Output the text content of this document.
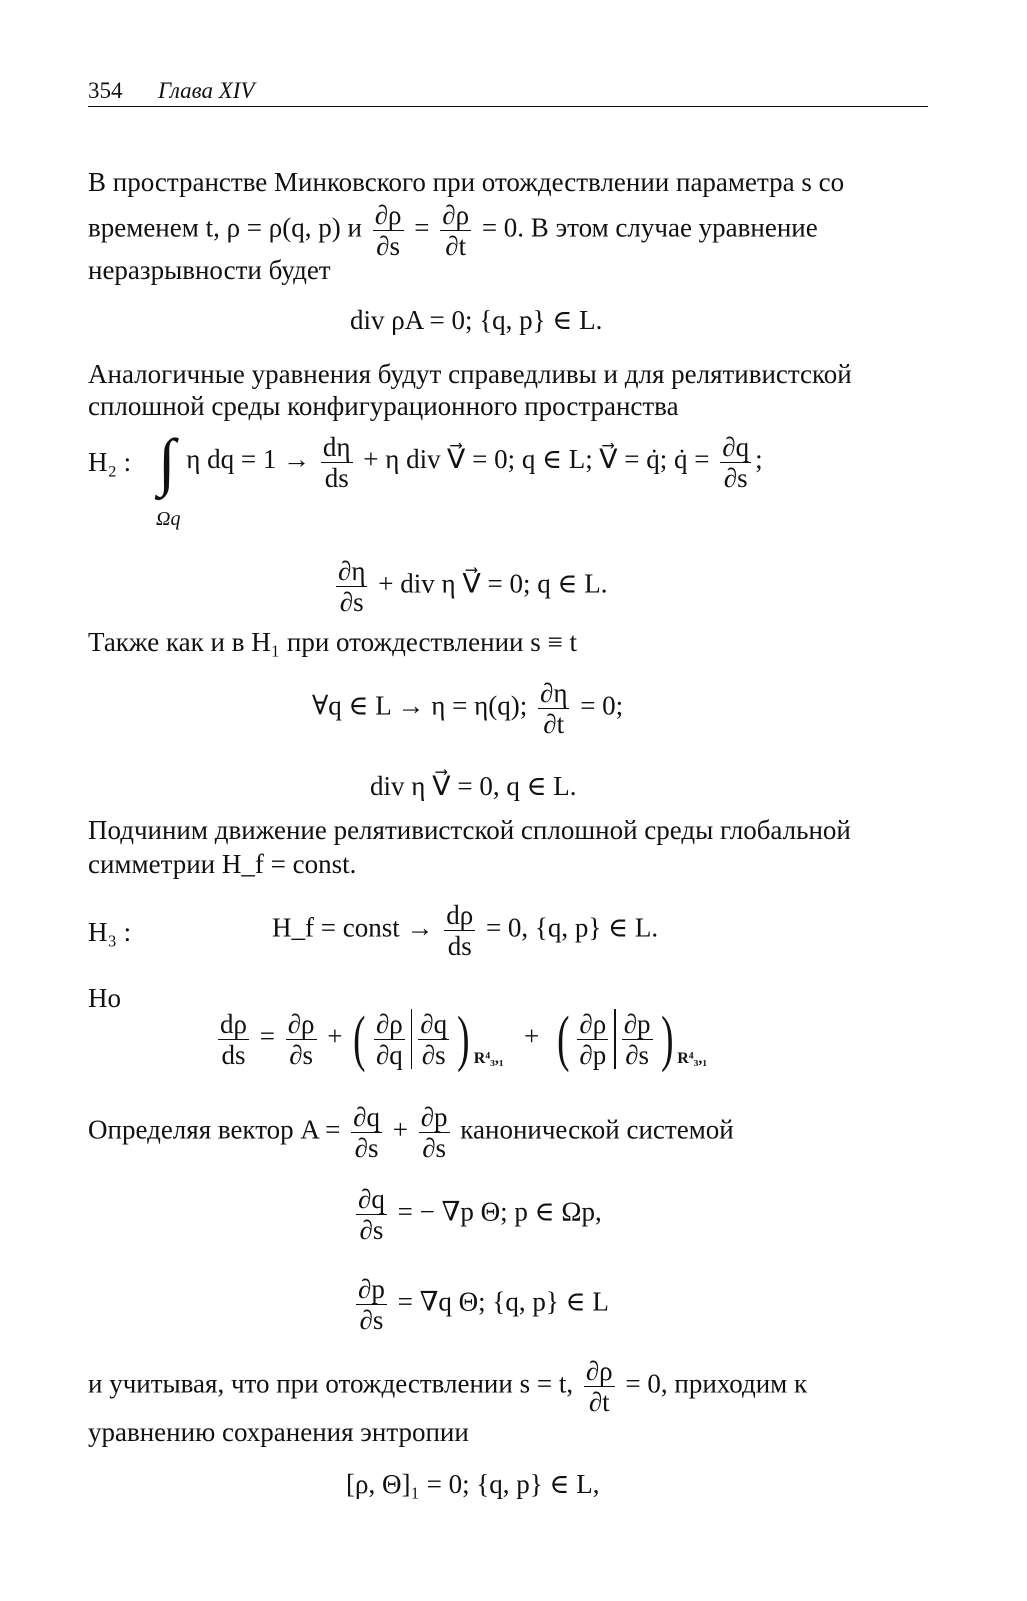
354 Глава XIV
В пространстве Минковского при отождествлении параметра s со
временем t, ρ = ρ(q, p) и $\frac{\partial\rho}{\partial s} = \frac{\partial\rho}{\partial t} = 0$. В этом случае уравнение
неразрывности будет
div ρA = 0; {q, p} ∈ L.
Аналогичные уравнения будут справедливы и для релятивистской
сплошной среды конфигурационного пространства
H₂ : ∫ η dq = $1 \to \frac{d\eta}{ds} + \eta$ div V⃗ = 0; q ∈ L; V⃗ = q̇; q̇ = $\frac{\partial q}{\partial s}$ ;
Ωq
$\frac{\partial\eta}{\partial s}$ + div η V⃗ = 0; q ∈ L.
Также как и в H₁ при отождествлении s ≡ t
∀q ∈ L → η = η(q); $\frac{\partial\eta}{\partial t} = 0$;
div η V⃗ = 0, q ∈ L.
Подчиним движение релятивистской сплошной среды глобальной
симметрии H_f = const.
H₃ :	H_f = const → $\frac{d\rho}{ds} = 0$, {q, p} ∈ L.
Но
$\frac{d\rho}{ds} = \frac{\partial\rho}{\partial s}$ + ( $\frac{\partial\rho}{\partial q} \frac{\partial q}{\partial s}$ ) $_{R^4_3,_1}$   +  ( $\frac{\partial\rho}{\partial p} \frac{\partial p}{\partial s}$ ) $_{R^4_3,_1}$
Определяя вектор $A = \frac{\partial q}{\partial s} + \frac{\partial p}{\partial s}$ канонической системой
$\frac{\partial q}{\partial s}$ = − ∇p Θ; p ∈ Ωp,
$\frac{\partial p}{\partial s} = \nabla q$ Θ; {q, p} ∈ L
и учитывая, что при отождествлении s = t, $\frac{\partial\rho}{\partial t} = 0$, приходим к
уравнению сохранения энтропии
[ρ, Θ]₁ = 0; {q, p} ∈ L,
